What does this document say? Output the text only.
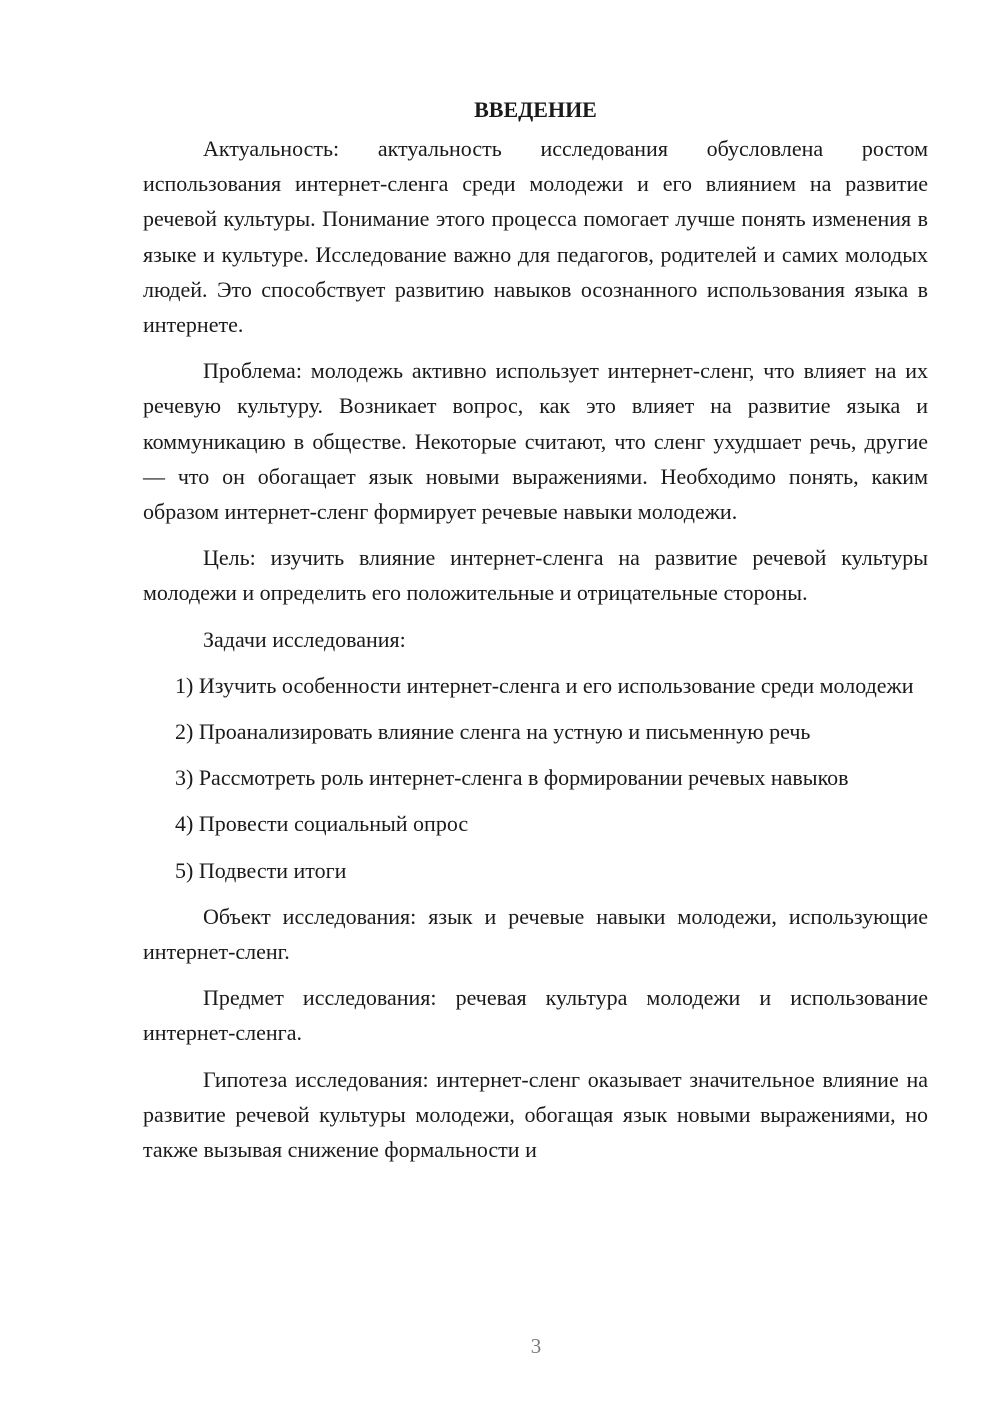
ВВЕДЕНИЕ

Актуальность: актуальность исследования обусловлена ростом использования интернет-сленга среди молодежи и его влиянием на развитие речевой культуры. Понимание этого процесса помогает лучше понять изменения в языке и культуре. Исследование важно для педагогов, родителей и самих молодых людей. Это способствует развитию навыков осознанного использования языка в интернете.

Проблема: молодежь активно использует интернет-сленг, что влияет на их речевую культуру. Возникает вопрос, как это влияет на развитие языка и коммуникацию в обществе. Некоторые считают, что сленг ухудшает речь, другие — что он обогащает язык новыми выражениями. Необходимо понять, каким образом интернет-сленг формирует речевые навыки молодежи.

Цель: изучить влияние интернет-сленга на развитие речевой культуры молодежи и определить его положительные и отрицательные стороны.

Задачи исследования:

1) Изучить особенности интернет-сленга и его использование среди молодежи

2) Проанализировать влияние сленга на устную и письменную речь

3) Рассмотреть роль интернет-сленга в формировании речевых навыков

4) Провести социальный опрос

5) Подвести итоги

Объект исследования: язык и речевые навыки молодежи, использующие интернет-сленг.

Предмет исследования: речевая культура молодежи и использование интернет-сленга.

Гипотеза исследования: интернет-сленг оказывает значительное влияние на развитие речевой культуры молодежи, обогащая язык новыми выражениями, но также вызывая снижение формальности и

3
